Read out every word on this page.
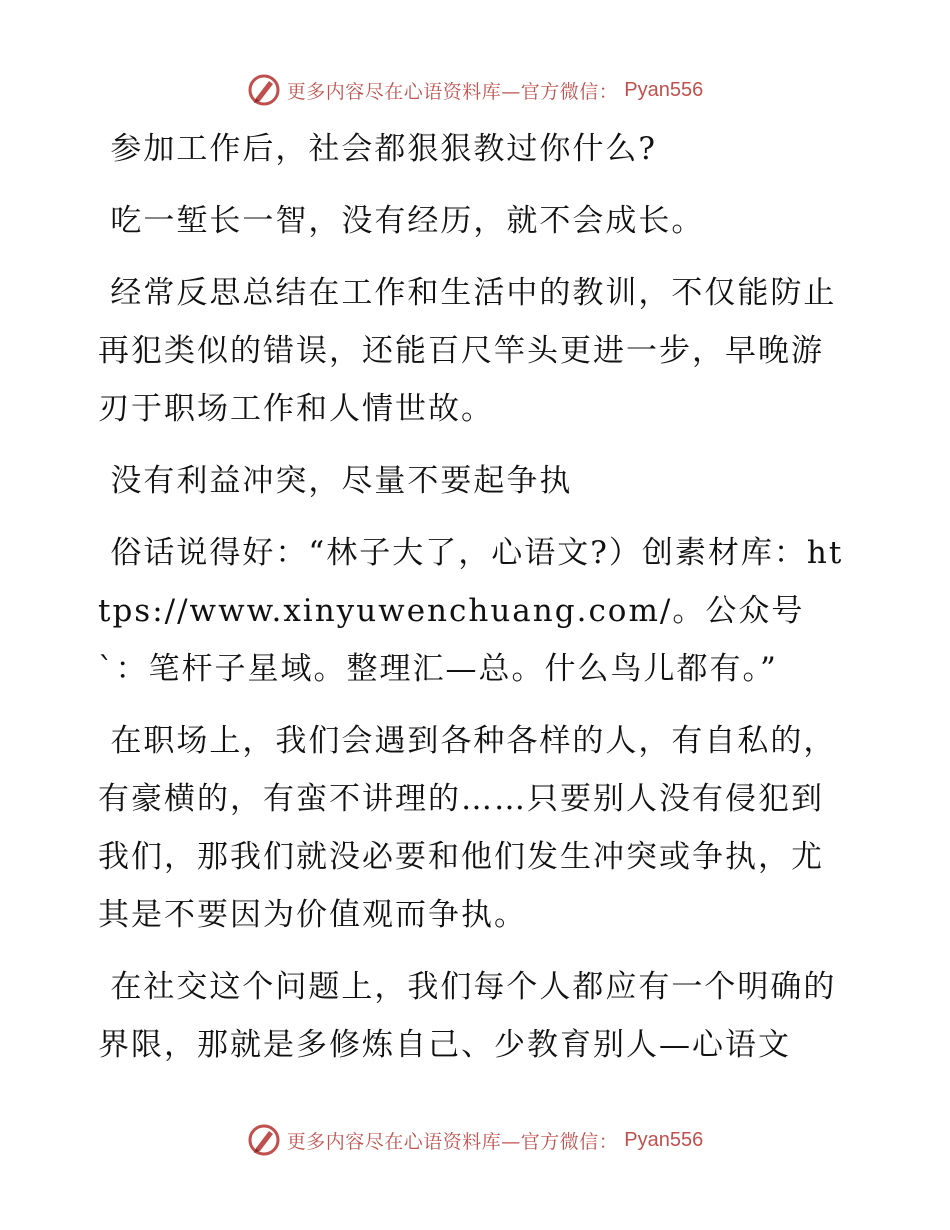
更多内容尽在心语资料库—官方微信： Pyan556

参加工作后，社会都狠狠教过你什么?

吃一堑长一智，没有经历，就不会成长。

经常反思总结在工作和生活中的教训，不仅能防止再犯类似的错误，还能百尺竿头更进一步，早晚游刃于职场工作和人情世故。

没有利益冲突，尽量不要起争执

俗话说得好：“林子大了，心语文?）创素材库：https://www.xinyuwenchuang.com/。公众号`：笔杆子星域。整理汇—总。什么鸟儿都有。”

在职场上，我们会遇到各种各样的人，有自私的，有豪横的，有蛮不讲理的……只要别人没有侵犯到我们，那我们就没必要和他们发生冲突或争执，尤其是不要因为价值观而争执。

在社交这个问题上，我们每个人都应有一个明确的界限，那就是多修炼自己、少教育别人—心语文

更多内容尽在心语资料库—官方微信： Pyan556
